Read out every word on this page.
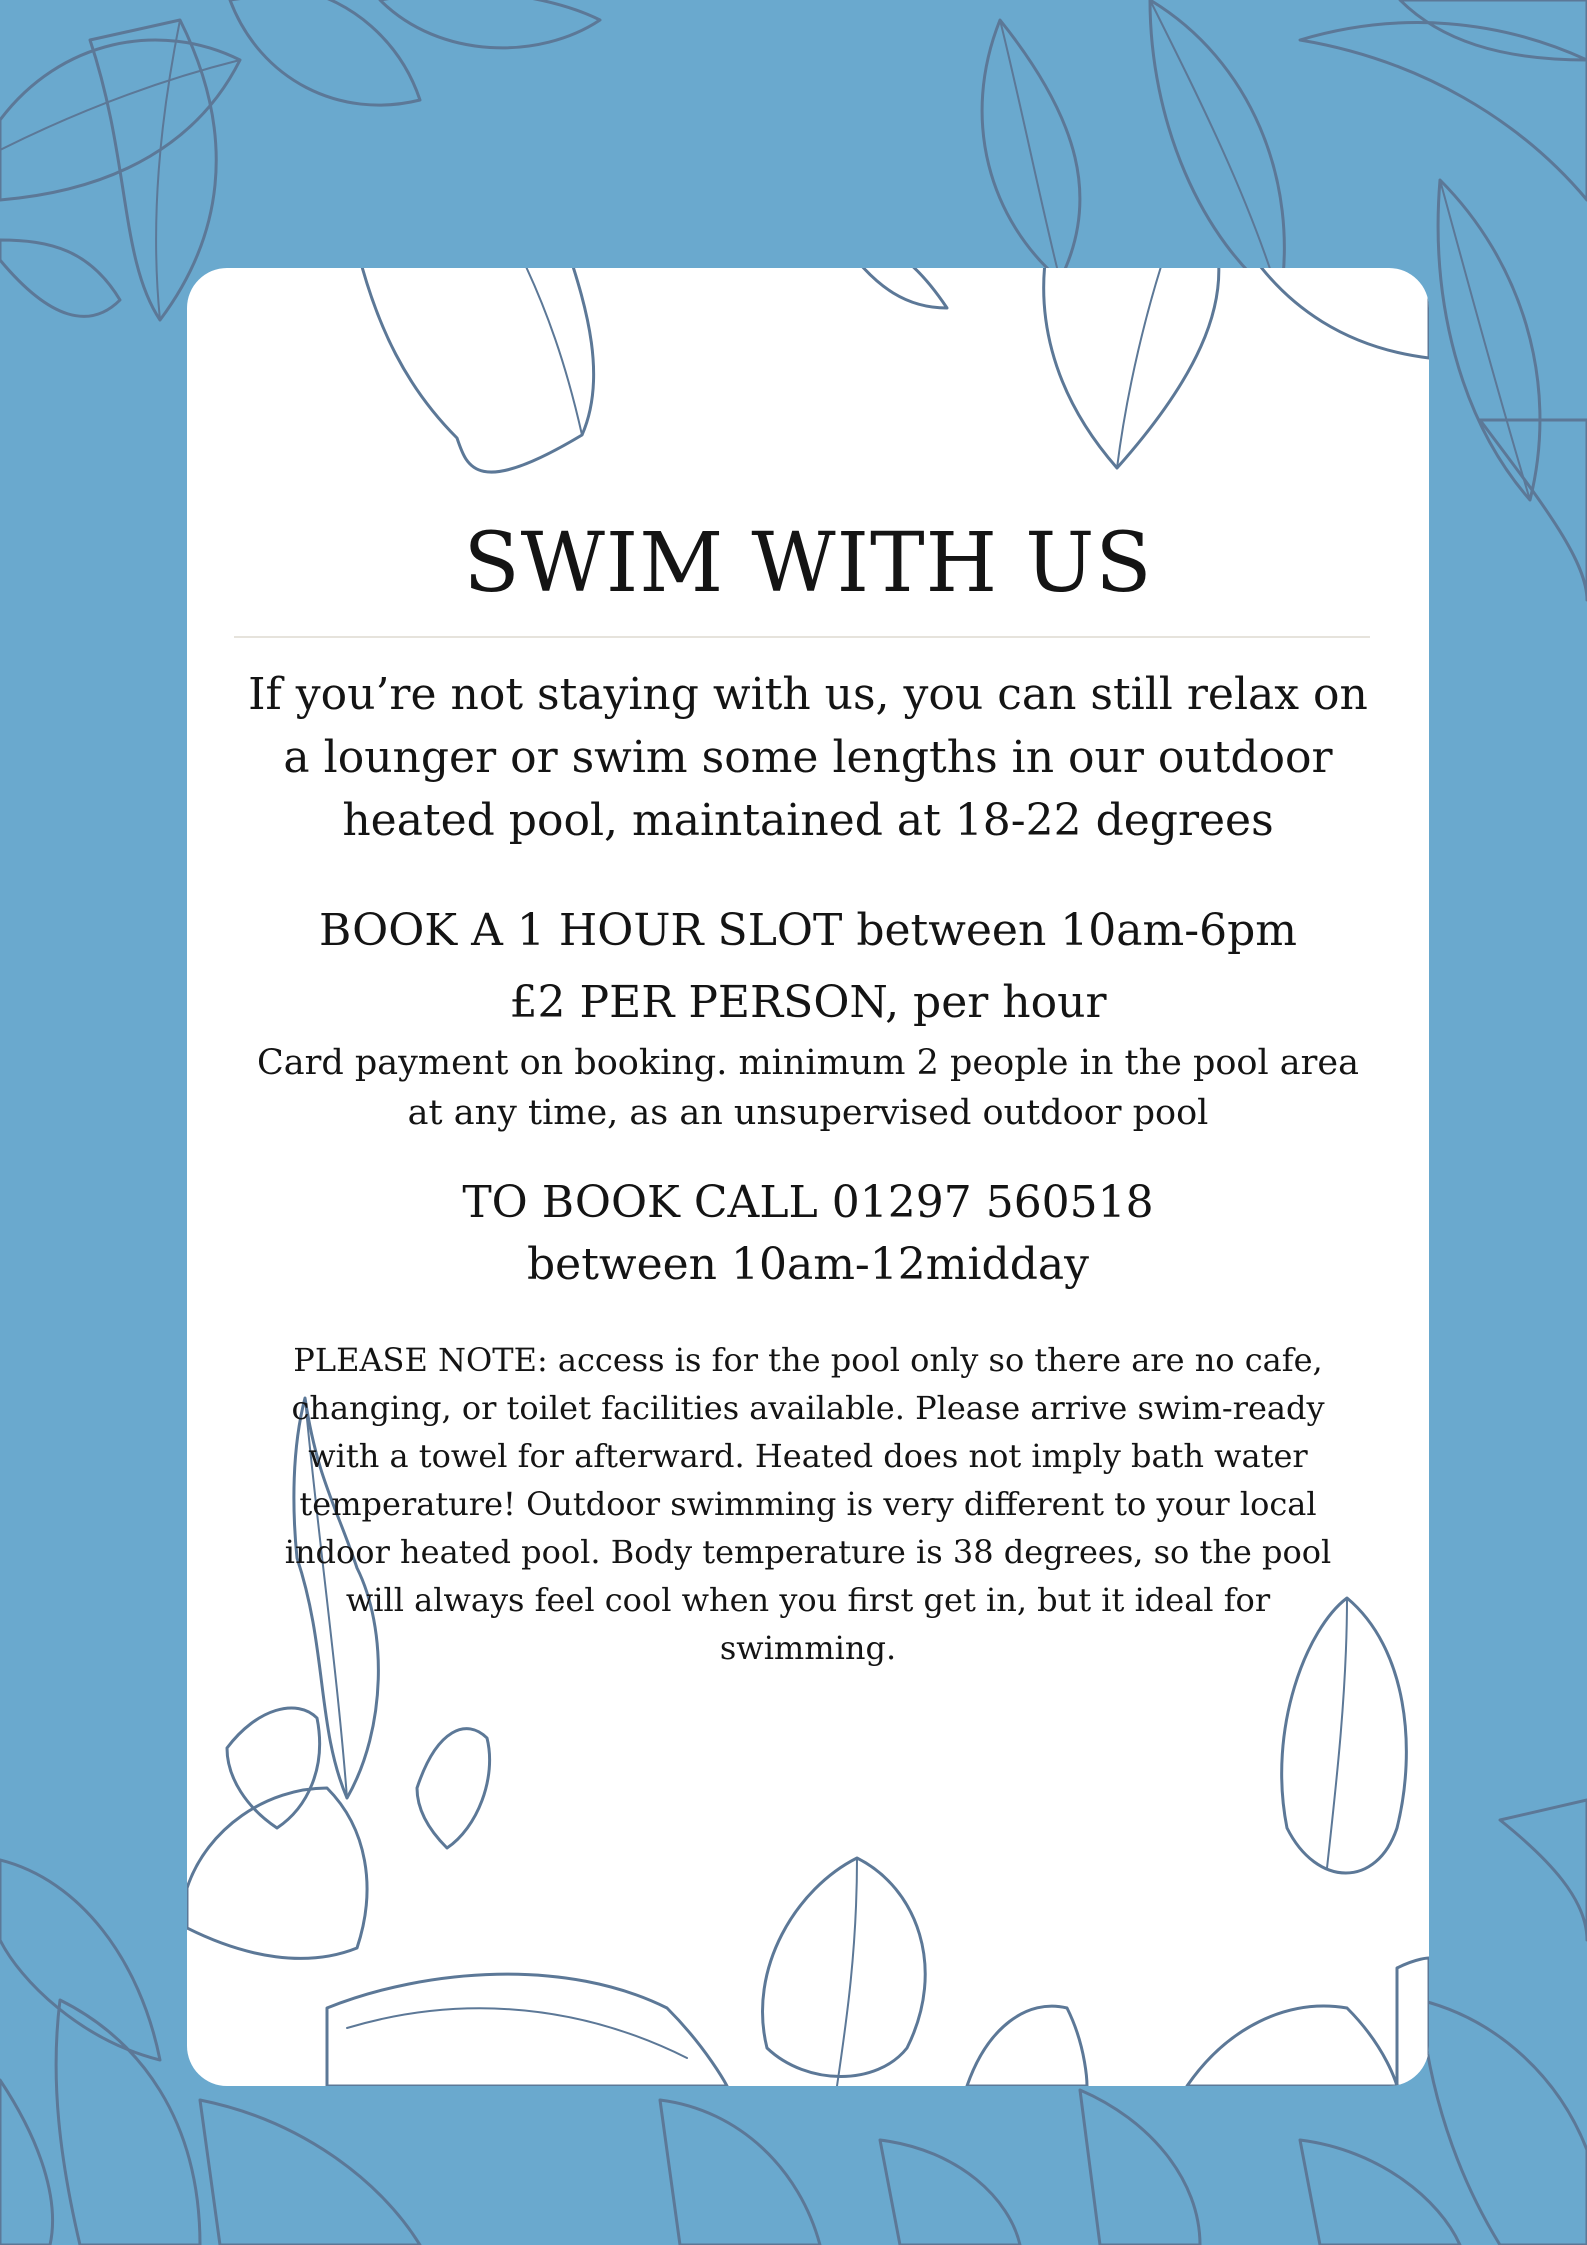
SWIM WITH US

If you’re not staying with us, you can still relax on a lounger or swim some lengths in our outdoor heated pool, maintained at 18-22 degrees

BOOK A 1 HOUR SLOT between 10am-6pm

£2 PER PERSON, per hour

Card payment on booking. minimum 2 people in the pool area at any time, as an unsupervised outdoor pool

TO BOOK CALL 01297 560518
between 10am-12midday

PLEASE NOTE: access is for the pool only so there are no cafe, changing, or toilet facilities available. Please arrive swim-ready with a towel for afterward. Heated does not imply bath water temperature! Outdoor swimming is very different to your local indoor heated pool. Body temperature is 38 degrees, so the pool will always feel cool when you first get in, but it ideal for swimming.
